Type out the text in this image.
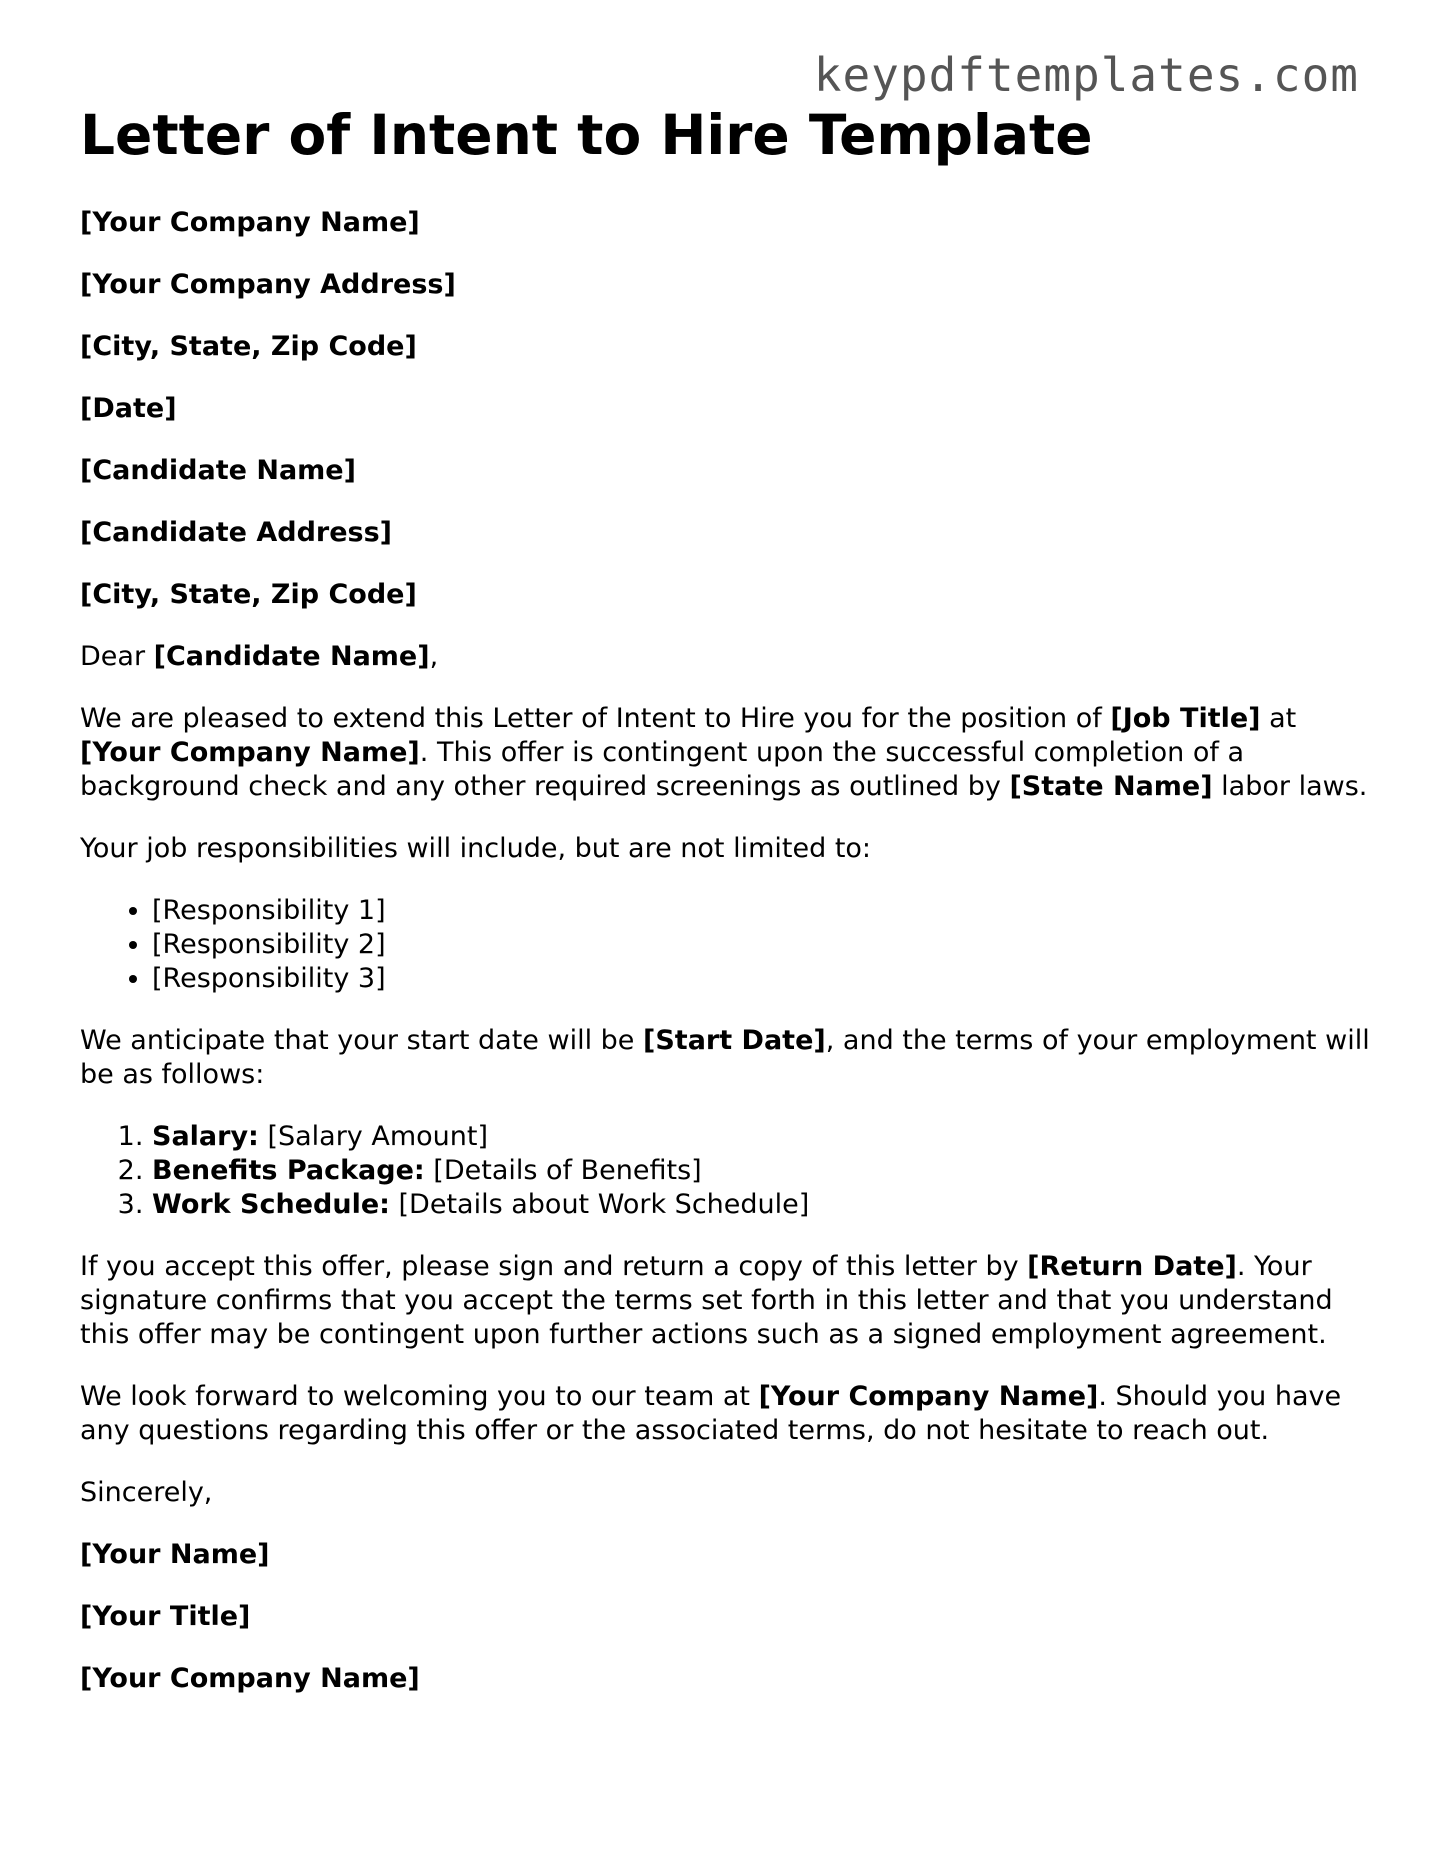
keypdftemplates.com
Letter of Intent to Hire Template

[Your Company Name]

[Your Company Address]

[City, State, Zip Code]

[Date]

[Candidate Name]

[Candidate Address]

[City, State, Zip Code]

Dear [Candidate Name],

We are pleased to extend this Letter of Intent to Hire you for the position of [Job Title] at [Your Company Name]. This offer is contingent upon the successful completion of a background check and any other required screenings as outlined by [State Name] labor laws.

Your job responsibilities will include, but are not limited to:

• [Responsibility 1]
• [Responsibility 2]
• [Responsibility 3]

We anticipate that your start date will be [Start Date], and the terms of your employment will be as follows:

1. Salary: [Salary Amount]
2. Benefits Package: [Details of Benefits]
3. Work Schedule: [Details about Work Schedule]

If you accept this offer, please sign and return a copy of this letter by [Return Date]. Your signature confirms that you accept the terms set forth in this letter and that you understand this offer may be contingent upon further actions such as a signed employment agreement.

We look forward to welcoming you to our team at [Your Company Name]. Should you have any questions regarding this offer or the associated terms, do not hesitate to reach out.

Sincerely,

[Your Name]

[Your Title]

[Your Company Name]
